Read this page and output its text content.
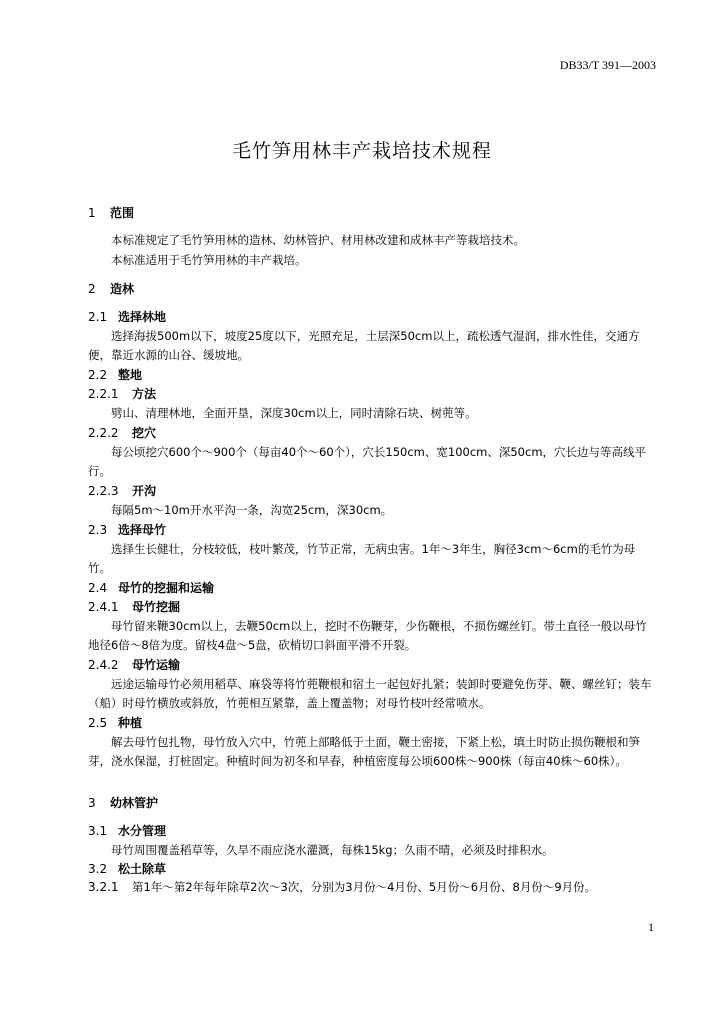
DB33/T 391—2003
毛竹笋用林丰产栽培技术规程
1 范围
本标准规定了毛竹笋用林的造林、幼林管护、材用林改建和成林丰产等栽培技术。
本标准适用于毛竹笋用林的丰产栽培。
2 造林
2.1 选择林地
选择海拔500m以下，坡度25度以下，光照充足，土层深50cm以上，疏松透气湿润，排水性佳，交通方便，靠近水源的山谷、缓坡地。
2.2 整地
2.2.1 方法
劈山、清理林地，全面开垦，深度30cm以上，同时清除石块、树蔸等。
2.2.2 挖穴
每公顷挖穴600个～900个（每亩40个～60个），穴长150cm、宽100cm、深50cm，穴长边与等高线平行。
2.2.3 开沟
每隔5m～10m开水平沟一条，沟宽25cm，深30cm。
2.3 选择母竹
选择生长健壮，分枝较低，枝叶繁茂，竹节正常，无病虫害。1年～3年生，胸径3cm～6cm的毛竹为母竹。
2.4 母竹的挖掘和运输
2.4.1 母竹挖掘
母竹留来鞭30cm以上，去鞭50cm以上，挖时不伤鞭芽，少伤鞭根，不损伤螺丝钉。带土直径一般以母竹地径6倍～8倍为度。留枝4盘～5盘，砍梢切口斜面平滑不开裂。
2.4.2 母竹运输
远途运输母竹必须用稻草、麻袋等将竹蔸鞭根和宿土一起包好扎紧；装卸时要避免伤芽、鞭、螺丝钉；装车（船）时母竹横放或斜放，竹蔸相互紧靠，盖上覆盖物；对母竹枝叶经常喷水。
2.5 种植
解去母竹包扎物，母竹放入穴中，竹蔸上部略低于土面，鞭土密接，下紧上松，填土时防止损伤鞭根和笋芽，浇水保湿，打桩固定。种植时间为初冬和早春，种植密度每公顷600株～900株（每亩40株～60株）。
3 幼林管护
3.1 水分管理
母竹周围覆盖稻草等，久旱不雨应浇水灌溉，每株15kg；久雨不晴，必须及时排积水。
3.2 松土除草
3.2.1 第1年～第2年每年除草2次～3次，分别为3月份～4月份、5月份～6月份、8月份～9月份。
1
